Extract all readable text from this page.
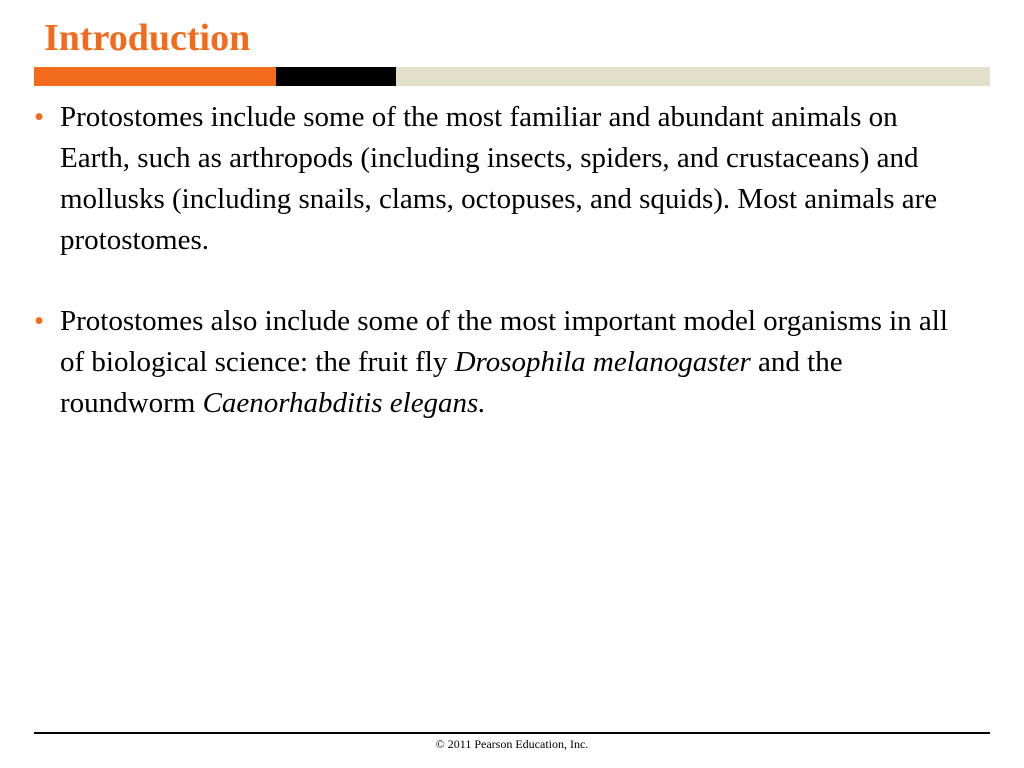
Introduction
• Protostomes include some of the most familiar and abundant animals on Earth, such as arthropods (including insects, spiders, and crustaceans) and mollusks (including snails, clams, octopuses, and squids). Most animals are protostomes.
• Protostomes also include some of the most important model organisms in all of biological science: the fruit fly Drosophila melanogaster and the roundworm Caenorhabditis elegans.
© 2011 Pearson Education, Inc.
